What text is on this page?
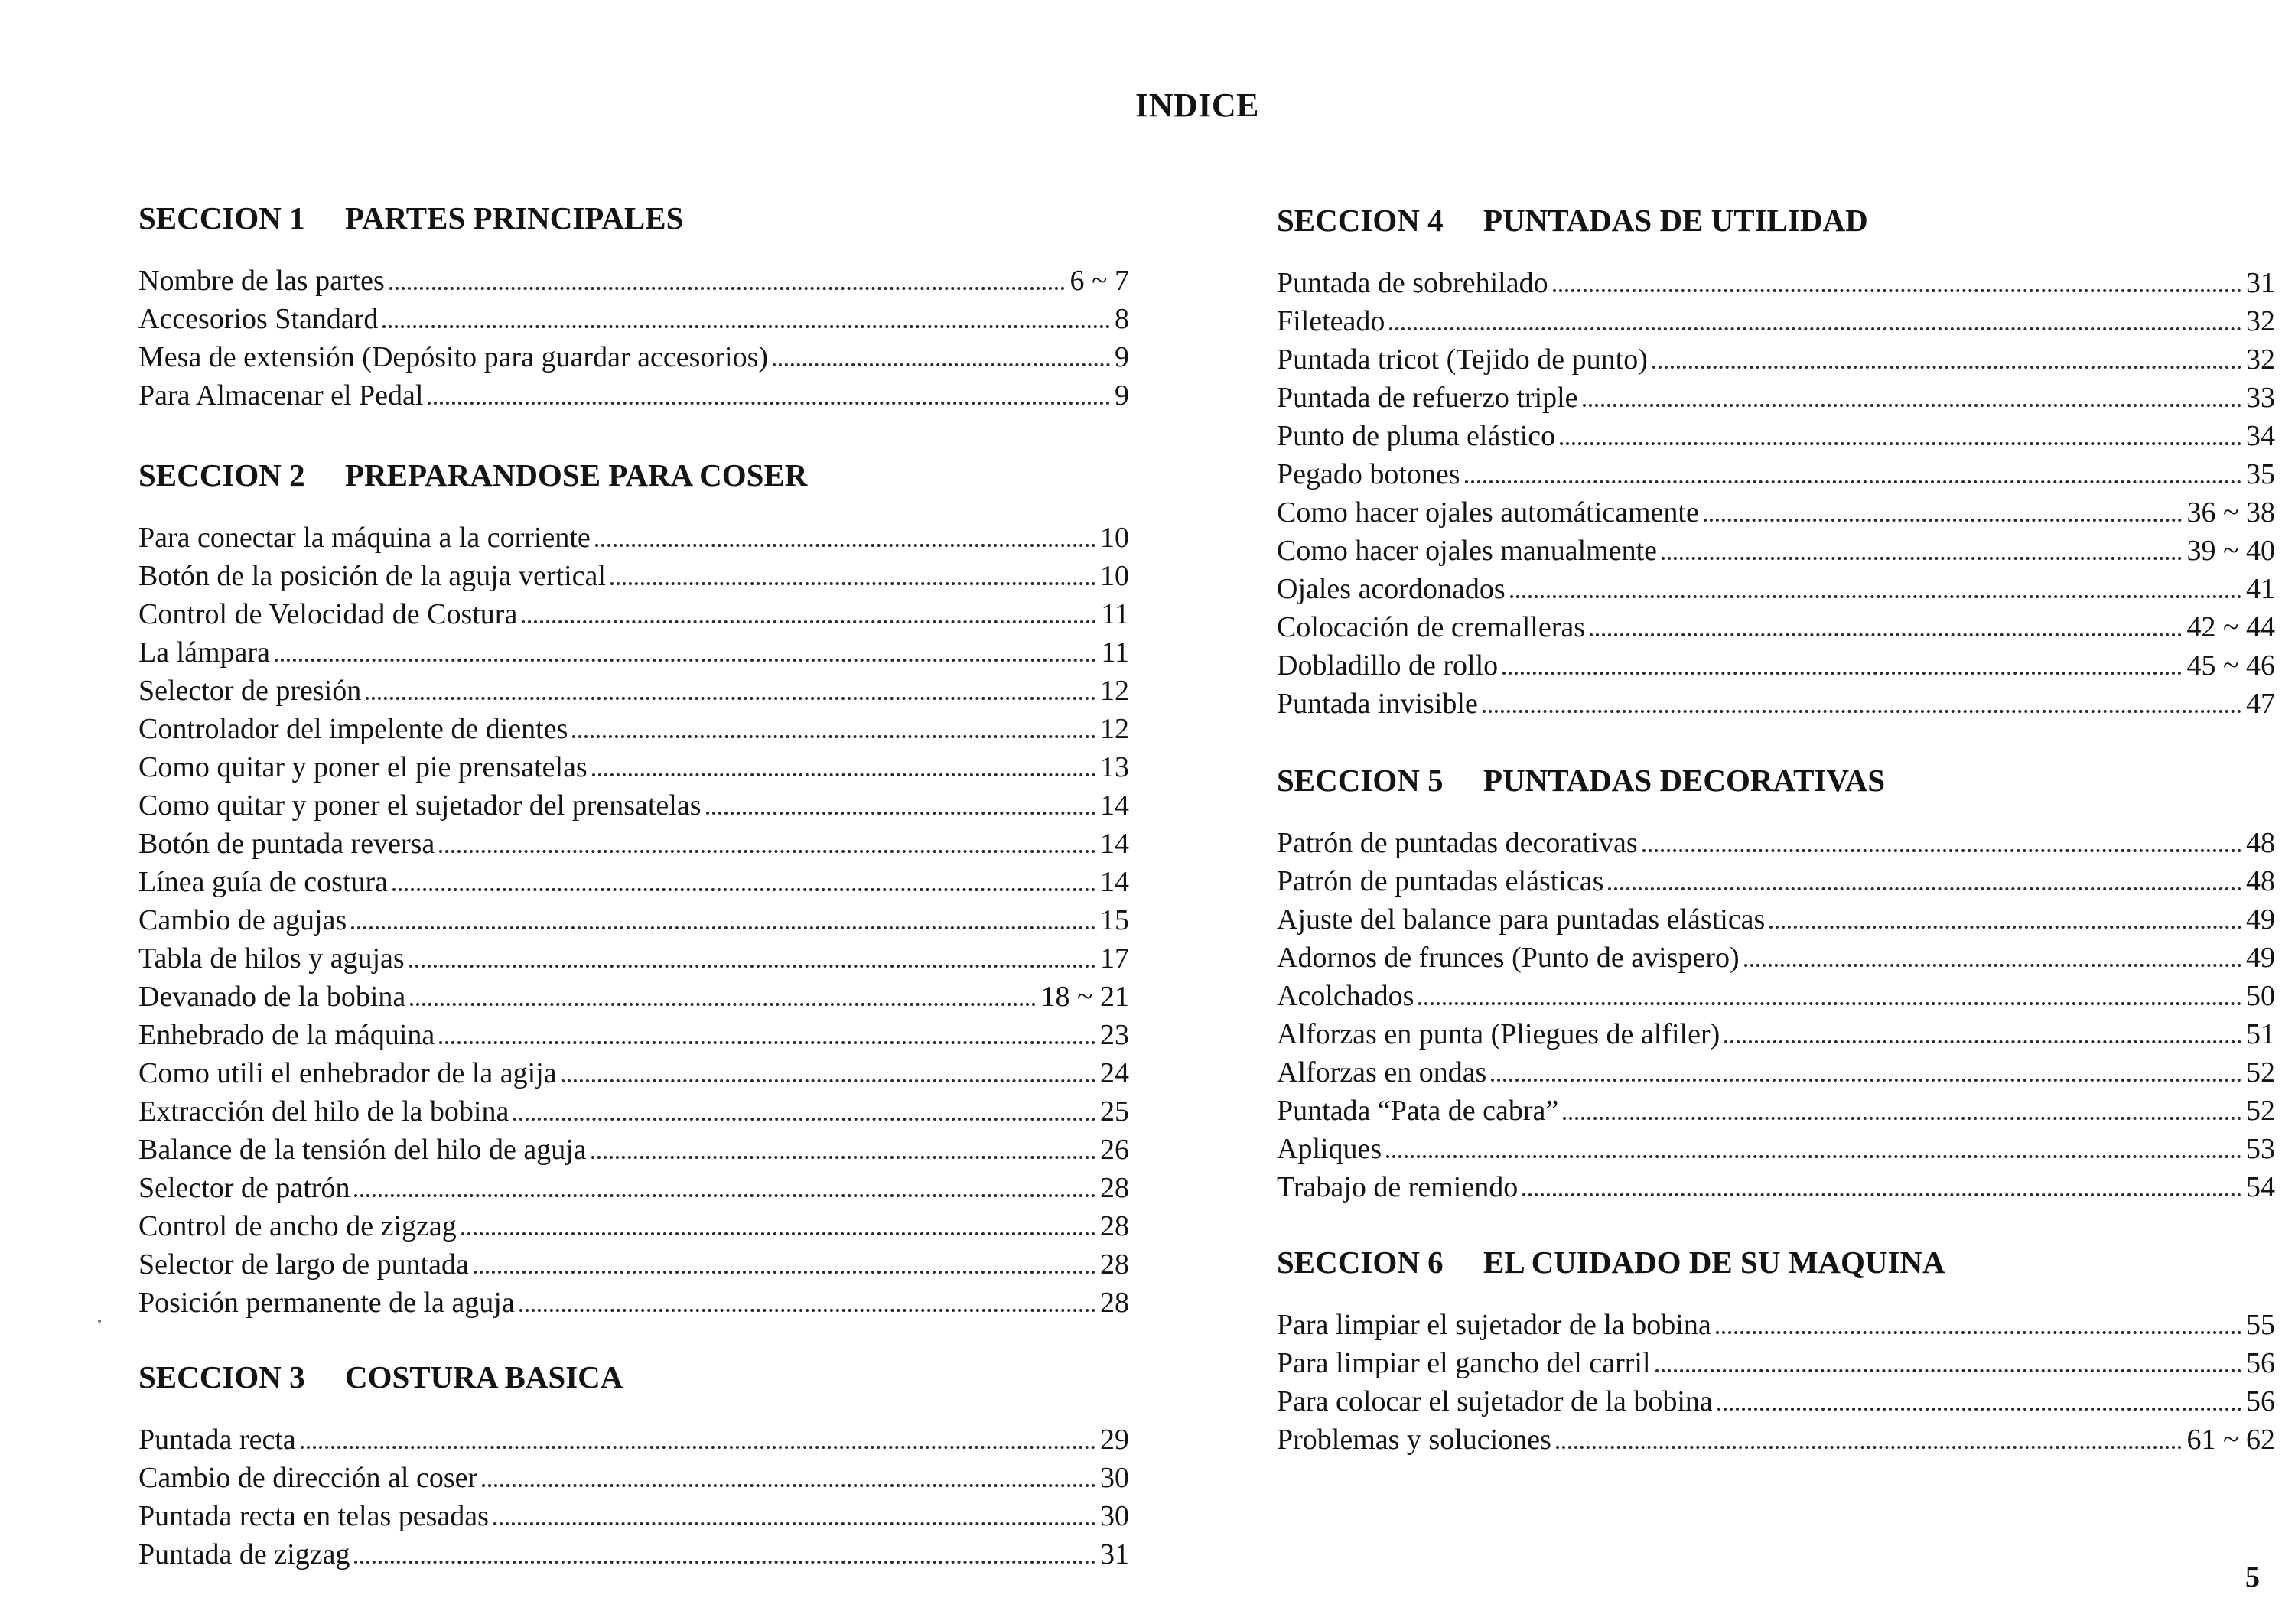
INDICE
SECCION 1	PARTES PRINCIPALES
Nombre de las partes	6 ~ 7
Accesorios Standard	8
Mesa de extensión (Depósito para guardar accesorios)	9
Para Almacenar el Pedal	9
SECCION 2	PREPARANDOSE PARA COSER
Para conectar la máquina a la corriente	10
Botón de la posición de la aguja vertical	10
Control de Velocidad de Costura	11
La lámpara	11
Selector de presión	12
Controlador del impelente de dientes	12
Como quitar y poner el pie prensatelas	13
Como quitar y poner el sujetador del prensatelas	14
Botón de puntada reversa	14
Línea guía de costura	14
Cambio de agujas	15
Tabla de hilos y agujas	17
Devanado de la bobina	18 ~ 21
Enhebrado de la máquina	23
Como utili el enhebrador de la agija	24
Extracción del hilo de la bobina	25
Balance de la tensión del hilo de aguja	26
Selector de patrón	28
Control de ancho de zigzag	28
Selector de largo de puntada	28
Posición permanente de la aguja	28
SECCION 3	COSTURA BASICA
Puntada recta	29
Cambio de dirección al coser	30
Puntada recta en telas pesadas	30
Puntada de zigzag	31
SECCION 4	PUNTADAS DE UTILIDAD
Puntada de sobrehilado	31
Fileteado	32
Puntada tricot (Tejido de punto)	32
Puntada de refuerzo triple	33
Punto de pluma elástico	34
Pegado botones	35
Como hacer ojales automáticamente	36 ~ 38
Como hacer ojales manualmente	39 ~ 40
Ojales acordonados	41
Colocación de cremalleras	42 ~ 44
Dobladillo de rollo	45 ~ 46
Puntada invisible	47
SECCION 5	PUNTADAS DECORATIVAS
Patrón de puntadas decorativas	48
Patrón de puntadas elásticas	48
Ajuste del balance para puntadas elásticas	49
Adornos de frunces (Punto de avispero)	49
Acolchados	50
Alforzas en punta (Pliegues de alfiler)	51
Alforzas en ondas	52
Puntada “Pata de cabra”	52
Apliques	53
Trabajo de remiendo	54
SECCION 6	EL CUIDADO DE SU MAQUINA
Para limpiar el sujetador de la bobina	55
Para limpiar el gancho del carril	56
Para colocar el sujetador de la bobina	56
Problemas y soluciones	61 ~ 62
5
